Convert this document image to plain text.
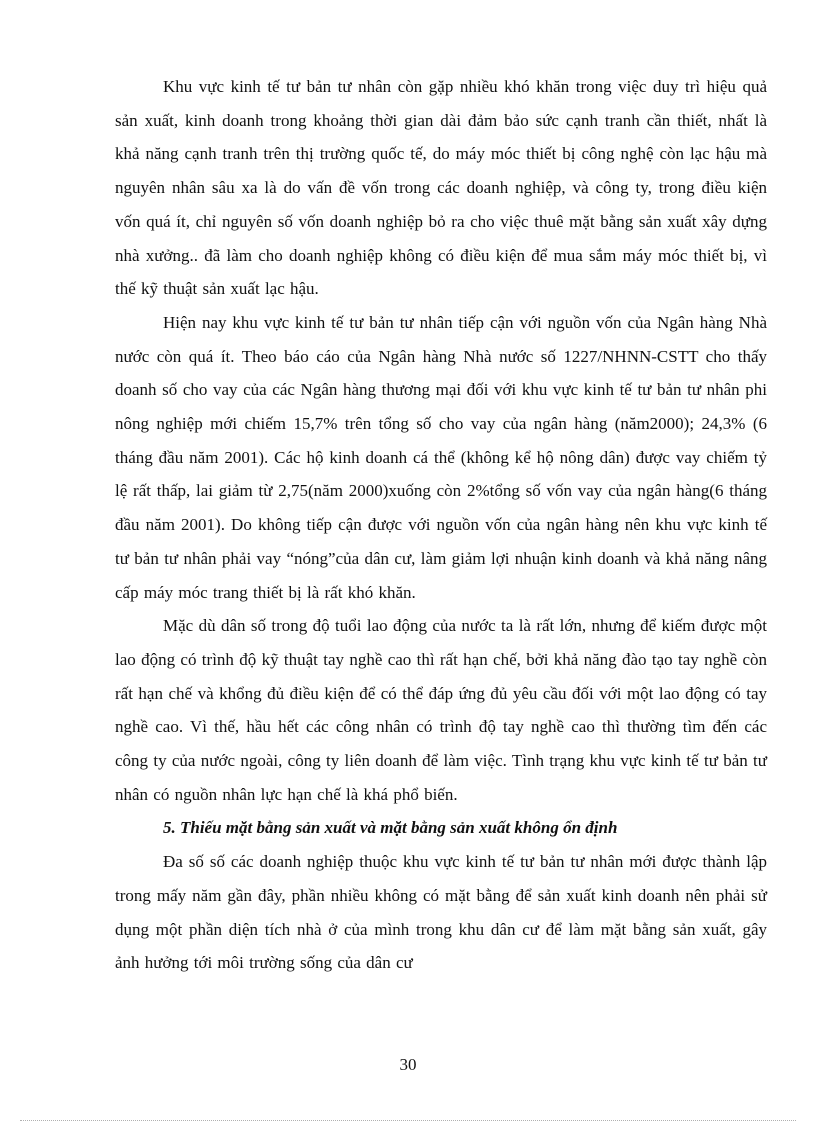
Khu vực kinh tế tư bản tư nhân còn gặp nhiều khó khăn trong việc duy trì hiệu quả sản xuất, kinh doanh trong khoảng thời gian dài đảm bảo sức cạnh tranh cần thiết, nhất là khả năng cạnh tranh trên thị trường quốc tế, do máy móc thiết bị công nghệ còn lạc hậu mà nguyên nhân sâu xa là do vấn đề vốn trong các doanh nghiệp, và công ty, trong điều kiện vốn quá ít, chỉ nguyên số vốn doanh nghiệp bỏ ra cho việc thuê mặt bằng sản xuất xây dựng nhà xưởng.. đã làm cho doanh nghiệp không có điều kiện để mua sắm máy móc thiết bị, vì thế kỹ thuật sản xuất lạc hậu.

Hiện nay khu vực kinh tế tư bản tư nhân tiếp cận với nguồn vốn của Ngân hàng Nhà nước còn quá ít. Theo báo cáo của Ngân hàng Nhà nước số 1227/NHNN-CSTT cho thấy doanh số cho vay của các Ngân hàng thương mại đối với khu vực kinh tế tư bản tư nhân phi nông nghiệp mới chiếm 15,7% trên tổng số cho vay của ngân hàng (năm2000); 24,3% (6 tháng đầu năm 2001). Các hộ kinh doanh cá thể (không kể hộ nông dân) được vay chiếm tỷ lệ rất thấp, lai giảm từ 2,75(năm 2000)xuống còn 2%tổng số vốn vay của ngân hàng(6 tháng đầu năm 2001). Do không tiếp cận được với nguồn vốn của ngân hàng nên khu vực kinh tế tư bản tư nhân phải vay “nóng”của dân cư, làm giảm lợi nhuận kinh doanh và khả năng nâng cấp máy móc trang thiết bị là rất khó khăn.

Mặc dù dân số trong độ tuổi lao động của nước ta là rất lớn, nhưng để kiếm được một lao động có trình độ kỹ thuật tay nghề cao thì rất hạn chế, bởi khả năng đào tạo tay nghề còn rất hạn chế và khổng đủ điều kiện để có thể đáp ứng đủ yêu cầu đối với một lao động có tay nghề cao. Vì thế, hầu hết các công nhân có trình độ tay nghề cao thì thường tìm đến các công ty của nước ngoài, công ty liên doanh để làm việc. Tình trạng khu vực kinh tế tư bản tư nhân có nguồn nhân lực hạn chế là khá phổ biến.

5. Thiếu mặt bằng sản xuất và mặt bằng sản xuất không ổn định

Đa số số các doanh nghiệp thuộc khu vực kinh tế tư bản tư nhân mới được thành lập trong mấy năm gần đây, phần nhiều không có mặt bằng để sản xuất kinh doanh nên phải sử dụng một phần diện tích nhà ở của mình trong khu dân cư để làm mặt bằng sản xuất, gây ảnh hưởng tới môi trường sống của dân cư

30
